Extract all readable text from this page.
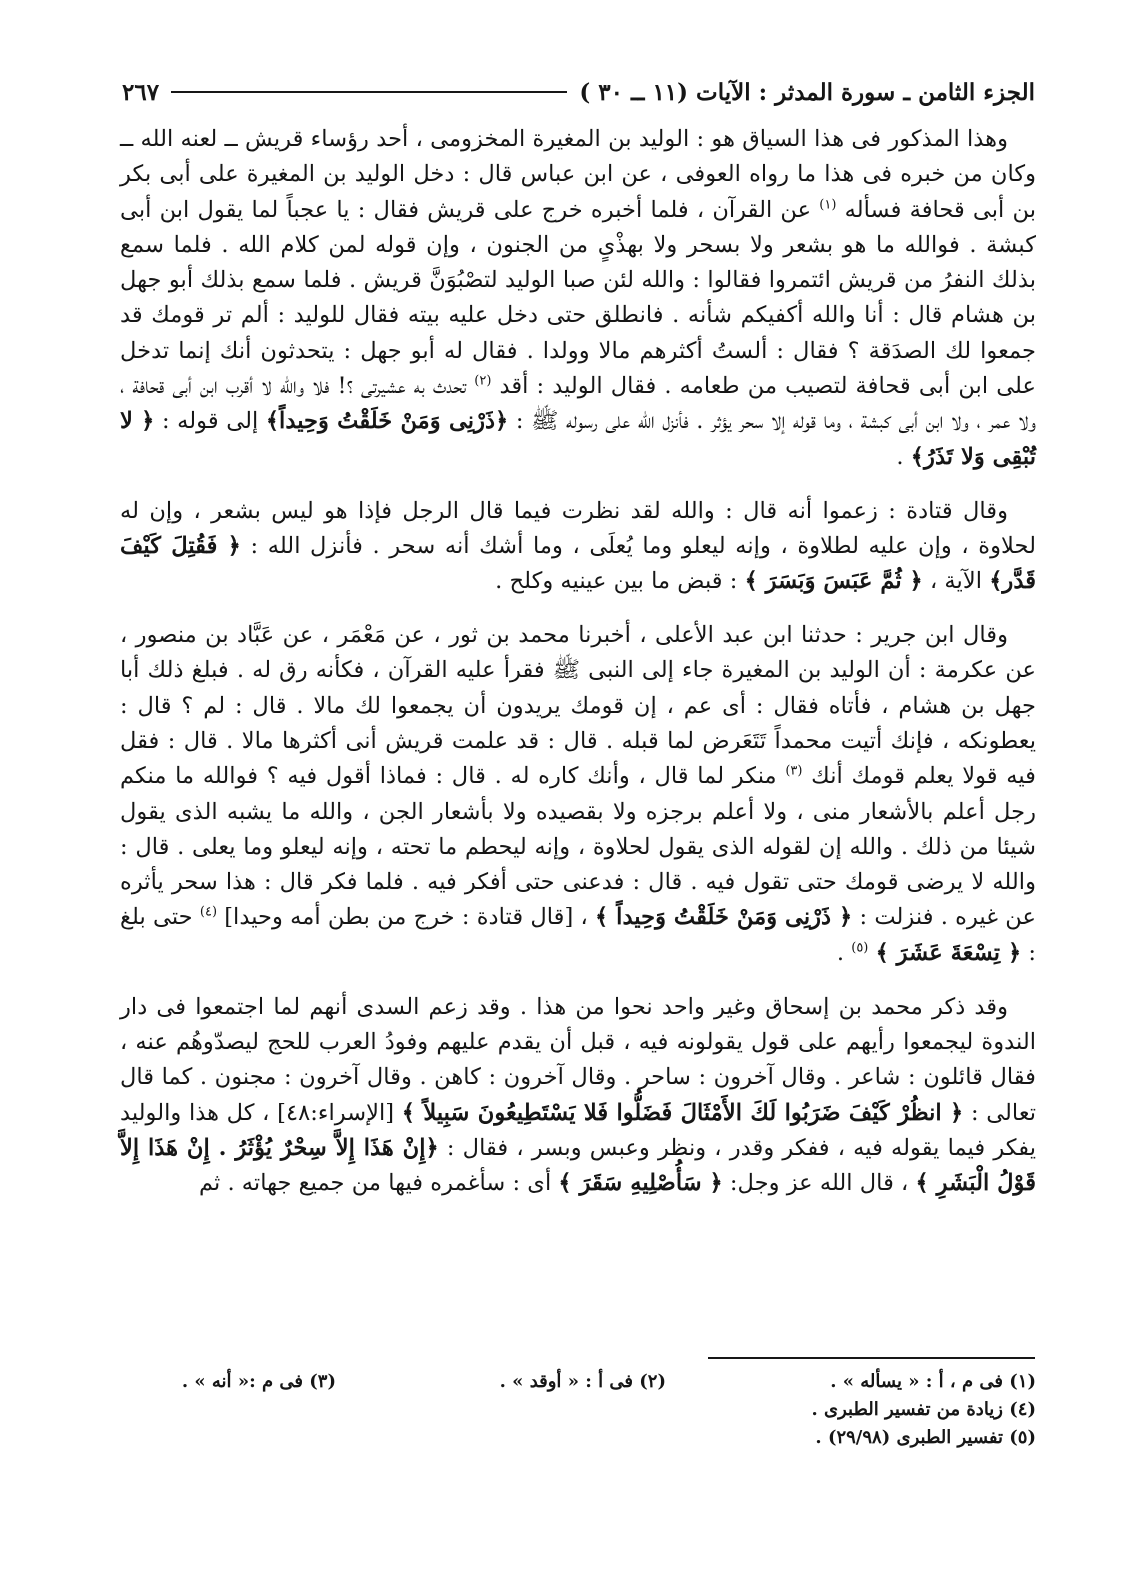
الجزء الثامن ـ سورة المدثر : الآيات (١١ ــ ٣٠ )
٢٦٧

وهذا المذكور فى هذا السياق هو : الوليد بن المغيرة المخزومى ، أحد رؤساء قريش ــ لعنه الله ــ وكان من خبره فى هذا ما رواه العوفى ، عن ابن عباس قال : دخل الوليد بن المغيرة على أبى بكر بن أبى قحافة فسأله $^{(١)}$ عن القرآن ، فلما أخبره خرج على قريش فقال : يا عجباً لما يقول ابن أبى كبشة . فوالله ما هو بشعر ولا بسحر ولا بهذْىٍ من الجنون ، وإن قوله لمن كلام الله . فلما سمع بذلك النفرُ من قريش ائتمروا فقالوا : والله لئن صبا الوليد لتصْبُوَنَّ قريش . فلما سمع بذلك أبو جهل بن هشام قال : أنا والله أكفيكم شأنه . فانطلق حتى دخل عليه بيته فقال للوليد : ألم تر قومك قد جمعوا لك الصدَقة ؟ فقال : ألستُ أكثرهم مالا وولدا . فقال له أبو جهل : يتحدثون أنك إنما تدخل على ابن أبى قحافة لتصيب من طعامه . فقال الوليد : أقد $^{(٢)}$ تحدث به عشيرتى ؟! فلا والله لا أقرب ابن أبى قحافة ، ولا عمر ، ولا ابن أبى كبشة ، وما قوله إلا سحر يؤثر . فأنزل الله على رسوله ﷺ : ﴿ذَرْنِى وَمَنْ خَلَقْتُ وَحِيداً﴾ إلى قوله : ﴿ لا تُبْقِى وَلا تَذَرُ﴾ .

وقال قتادة : زعموا أنه قال : والله لقد نظرت فيما قال الرجل فإذا هو ليس بشعر ، وإن له لحلاوة ، وإن عليه لطلاوة ، وإنه ليعلو وما يُعلَى ، وما أشك أنه سحر . فأنزل الله : ﴿ فَقُتِلَ كَيْفَ قَدَّر﴾ الآية ، ﴿ ثُمَّ عَبَسَ وَبَسَرَ ﴾ : قبض ما بين عينيه وكلح .

وقال ابن جرير : حدثنا ابن عبد الأعلى ، أخبرنا محمد بن ثور ، عن مَعْمَر ، عن عَبَّاد بن منصور ، عن عكرمة : أن الوليد بن المغيرة جاء إلى النبى ﷺ فقرأ عليه القرآن ، فكأنه رق له . فبلغ ذلك أبا جهل بن هشام ، فأتاه فقال : أى عم ، إن قومك يريدون أن يجمعوا لك مالا . قال : لم ؟ قال : يعطونكه ، فإنك أتيت محمداً تَتَعَرض لما قبله . قال : قد علمت قريش أنى أكثرها مالا . قال : فقل فيه قولا يعلم قومك أنك $^{(٣)}$ منكر لما قال ، وأنك كاره له . قال : فماذا أقول فيه ؟ فوالله ما منكم رجل أعلم بالأشعار منى ، ولا أعلم برجزه ولا بقصيده ولا بأشعار الجن ، والله ما يشبه الذى يقول شيئا من ذلك . والله إن لقوله الذى يقول لحلاوة ، وإنه ليحطم ما تحته ، وإنه ليعلو وما يعلى . قال : والله لا يرضى قومك حتى تقول فيه . قال : فدعنى حتى أفكر فيه . فلما فكر قال : هذا سحر يأثره عن غيره . فنزلت : ﴿ ذَرْنِى وَمَنْ خَلَقْتُ وَحِيداً ﴾ ، [قال قتادة : خرج من بطن أمه وحيدا] $^{(٤)}$ حتى بلغ : ﴿ تِسْعَةَ عَشَرَ ﴾ $^{(٥)}$ .

وقد ذكر محمد بن إسحاق وغير واحد نحوا من هذا . وقد زعم السدى أنهم لما اجتمعوا فى دار الندوة ليجمعوا رأيهم على قول يقولونه فيه ، قبل أن يقدم عليهم وفودُ العرب للحج ليصدّوهُم عنه ، فقال قائلون : شاعر . وقال آخرون : ساحر . وقال آخرون : كاهن . وقال آخرون : مجنون . كما قال تعالى : ﴿ انظُرْ كَيْفَ ضَرَبُوا لَكَ الأَمْثَالَ فَضَلُّوا فَلا يَسْتَطِيعُونَ سَبِيلاً ﴾ [الإسراء:٤٨] ، كل هذا والوليد يفكر فيما يقوله فيه ، ففكر وقدر ، ونظر وعبس وبسر ، فقال : ﴿إِنْ هَذَا إِلاَّ سِحْرٌ يُؤْثَرُ . إِنْ هَذَا إِلاَّ قَوْلُ الْبَشَرِ ﴾ ، قال الله عز وجل: ﴿ سَأُصْلِيهِ سَقَرَ ﴾ أى : سأغمره فيها من جميع جهاته . ثم

(١) فى م ، أ : « يسأله » .
(٢) فى أ : « أوقد » .
(٣) فى م :« أنه » .
(٤) زيادة من تفسير الطبرى .
(٥) تفسير الطبرى (٢٩/٩٨) .
